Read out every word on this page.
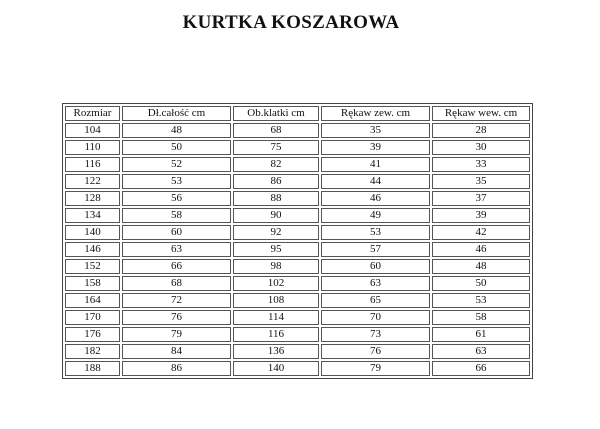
KURTKA KOSZAROWA
Rozmiar	Dł.całość cm	Ob.klatki cm	Rękaw zew. cm	Rękaw wew. cm
104	48	68	35	28
110	50	75	39	30
116	52	82	41	33
122	53	86	44	35
128	56	88	46	37
134	58	90	49	39
140	60	92	53	42
146	63	95	57	46
152	66	98	60	48
158	68	102	63	50
164	72	108	65	53
170	76	114	70	58
176	79	116	73	61
182	84	136	76	63
188	86	140	79	66
